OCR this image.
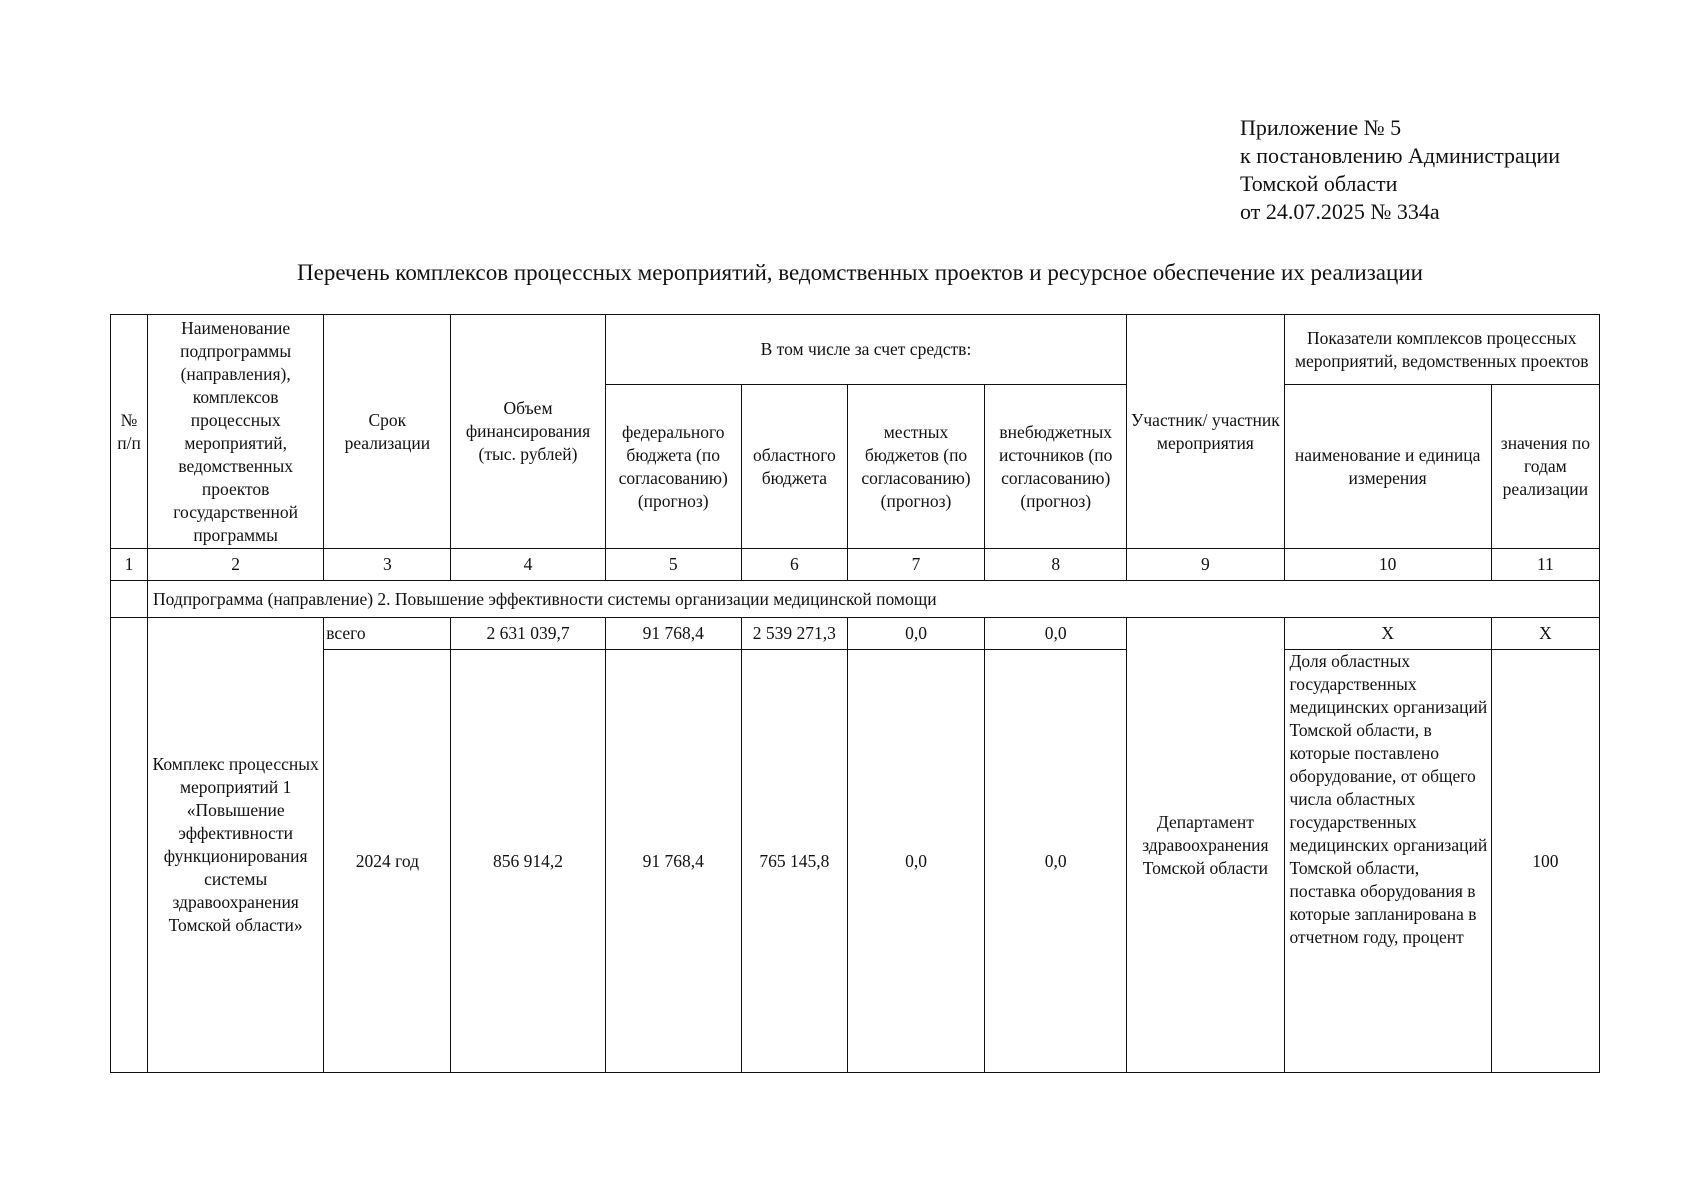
Приложение № 5
к постановлению Администрации
Томской области
от 24.07.2025 № 334а
Перечень комплексов процессных мероприятий, ведомственных проектов и ресурсное обеспечение их реализации
№ п/п	Наименование подпрограммы (направления), комплексов процессных мероприятий, ведомственных проектов государственной программы	Срок реализации	Объем финансирования (тыс. рублей)	В том числе за счет средств:				Участник/ участник мероприятия	Показатели комплексов процессных мероприятий, ведомственных проектов	
				федерального бюджета (по согласованию) (прогноз)	областного бюджета	местных бюджетов (по согласованию) (прогноз)	внебюджетных источников (по согласованию) (прогноз)		наименование и единица измерения	значения по годам реализации
1	2	3	4	5	6	7	8	9	10	11
	Подпрограмма (направление) 2. Повышение эффективности системы организации медицинской помощи									
	Комплекс процессных мероприятий 1 «Повышение эффективности функционирования системы здравоохранения Томской области»	всего	2 631 039,7	91 768,4	2 539 271,3	0,0	0,0	Департамент здравоохранения Томской области	Х	Х
		2024 год	856 914,2	91 768,4	765 145,8	0,0	0,0		Доля областных государственных медицинских организаций Томской области, в которые поставлено оборудование, от общего числа областных государственных медицинских организаций Томской области, поставка оборудования в которые запланирована в отчетном году, процент	100
